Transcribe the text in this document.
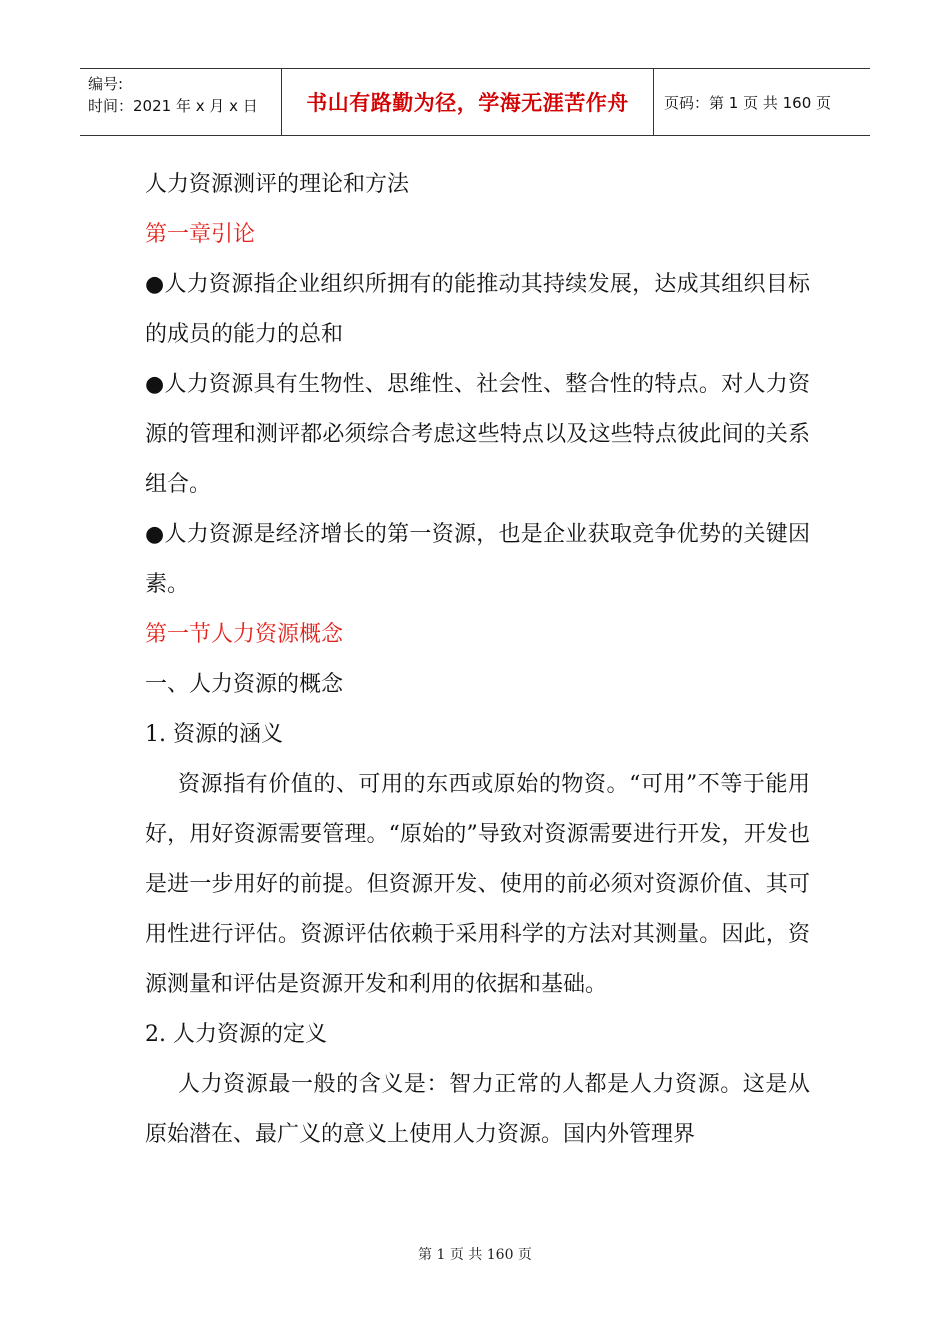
编号:
时间：2021 年 x 月 x 日	书山有路勤为径，学海无涯苦作舟	页码：第 1 页 共 160 页

人力资源测评的理论和方法

第一章引论

●人力资源指企业组织所拥有的能推动其持续发展，达成其组织目标的成员的能力的总和

●人力资源具有生物性、思维性、社会性、整合性的特点。对人力资源的管理和测评都必须综合考虑这些特点以及这些特点彼此间的关系组合。

●人力资源是经济增长的第一资源，也是企业获取竞争优势的关键因素。

第一节人力资源概念

一、人力资源的概念

1. 资源的涵义

资源指有价值的、可用的东西或原始的物资。“可用”不等于能用好，用好资源需要管理。“原始的”导致对资源需要进行开发，开发也是进一步用好的前提。但资源开发、使用的前必须对资源价值、其可用性进行评估。资源评估依赖于采用科学的方法对其测量。因此，资源测量和评估是资源开发和利用的依据和基础。

2. 人力资源的定义

人力资源最一般的含义是：智力正常的人都是人力资源。这是从原始潜在、最广义的意义上使用人力资源。国内外管理界

第 1 页 共 160 页
